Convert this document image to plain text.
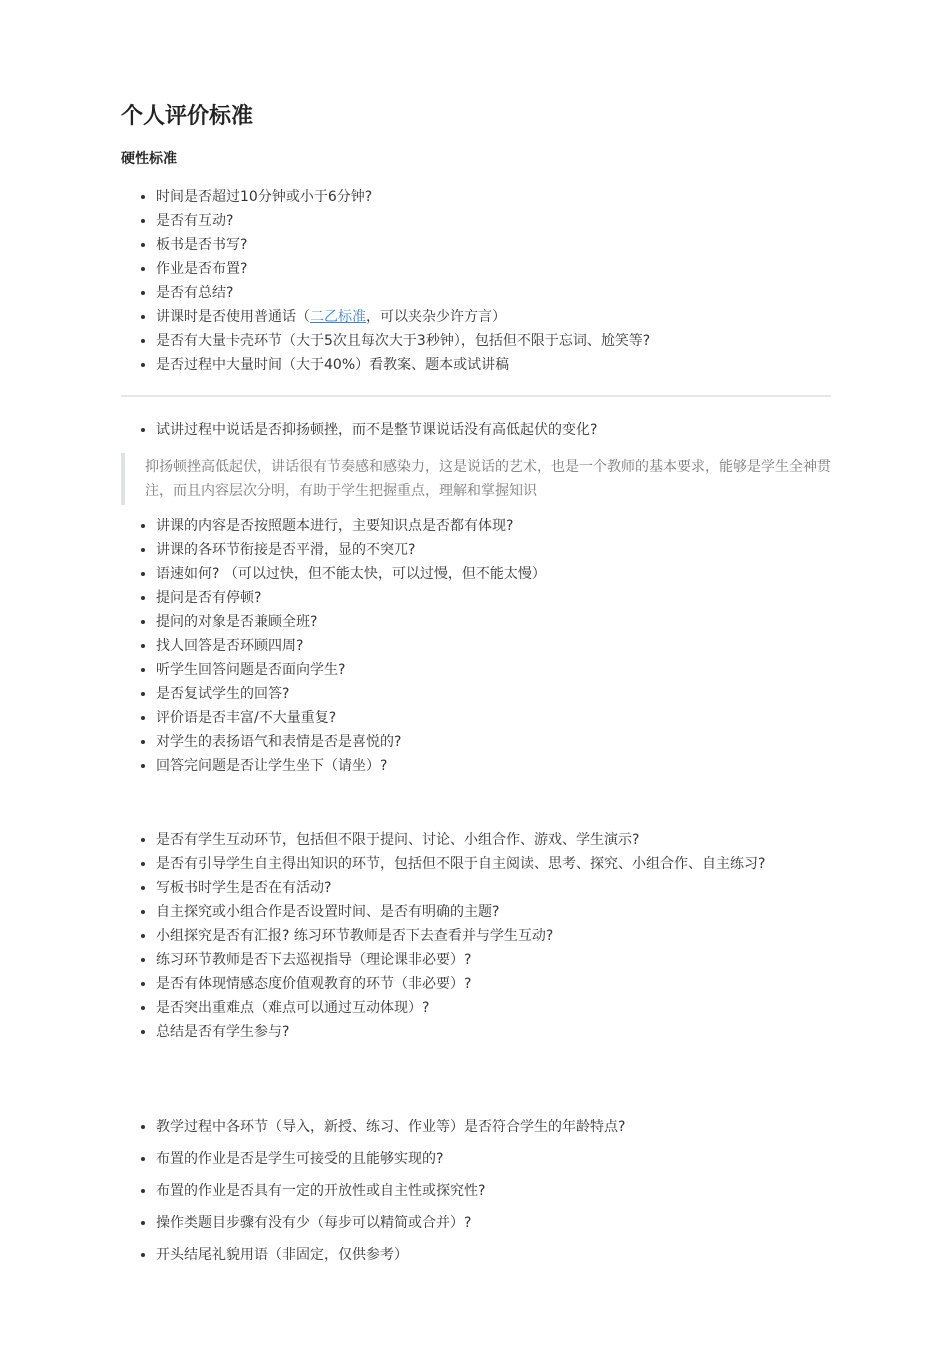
个人评价标准
硬性标准
• 时间是否超过10分钟或小于6分钟?
• 是否有互动?
• 板书是否书写?
• 作业是否布置?
• 是否有总结?
• 讲课时是否使用普通话（二乙标准，可以夹杂少许方言）
• 是否有大量卡壳环节（大于5次且每次大于3秒钟），包括但不限于忘词、尬笑等?
• 是否过程中大量时间（大于40%）看教案、题本或试讲稿
• 试讲过程中说话是否抑扬顿挫，而不是整节课说话没有高低起伏的变化?
抑扬顿挫高低起伏，讲话很有节奏感和感染力，这是说话的艺术，也是一个教师的基本要求，能够是学生全神贯注，而且内容层次分明，有助于学生把握重点，理解和掌握知识
• 讲课的内容是否按照题本进行，主要知识点是否都有体现?
• 讲课的各环节衔接是否平滑，显的不突兀?
• 语速如何? （可以过快，但不能太快，可以过慢，但不能太慢）
• 提问是否有停顿?
• 提问的对象是否兼顾全班?
• 找人回答是否环顾四周?
• 听学生回答问题是否面向学生?
• 是否复试学生的回答?
• 评价语是否丰富/不大量重复?
• 对学生的表扬语气和表情是否是喜悦的?
• 回答完问题是否让学生坐下（请坐）?
• 是否有学生互动环节，包括但不限于提问、讨论、小组合作、游戏、学生演示?
• 是否有引导学生自主得出知识的环节，包括但不限于自主阅读、思考、探究、小组合作、自主练习?
• 写板书时学生是否在有活动?
• 自主探究或小组合作是否设置时间、是否有明确的主题?
• 小组探究是否有汇报? 练习环节教师是否下去查看并与学生互动?
• 练习环节教师是否下去巡视指导（理论课非必要）?
• 是否有体现情感态度价值观教育的环节（非必要）?
• 是否突出重难点（难点可以通过互动体现）?
• 总结是否有学生参与?
• 教学过程中各环节（导入，新授、练习、作业等）是否符合学生的年龄特点?
• 布置的作业是否是学生可接受的且能够实现的?
• 布置的作业是否具有一定的开放性或自主性或探究性?
• 操作类题目步骤有没有少（每步可以精简或合并）?
• 开头结尾礼貌用语（非固定，仅供参考）
